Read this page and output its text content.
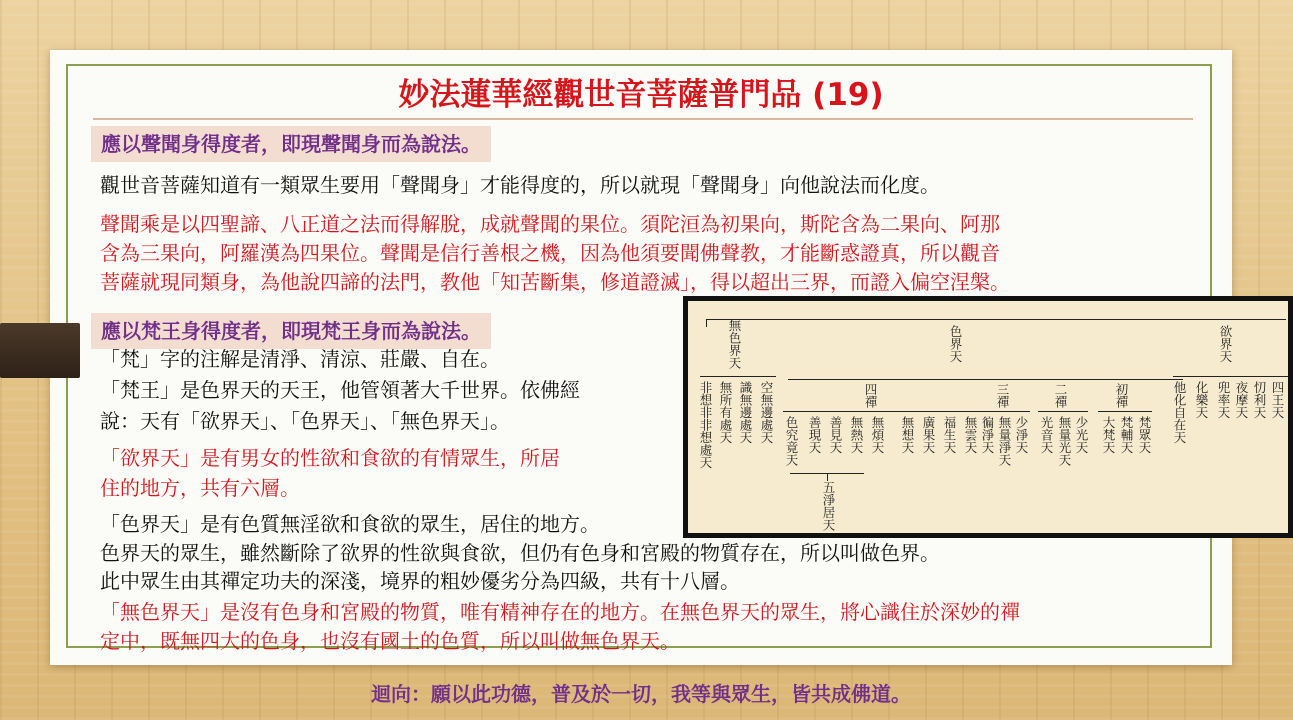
妙法蓮華經觀世音菩薩普門品 (19)
應以聲聞身得度者，即現聲聞身而為說法。
觀世音菩薩知道有一類眾生要用「聲聞身」才能得度的，所以就現「聲聞身」向他說法而化度。
聲聞乘是以四聖諦、八正道之法而得解脫，成就聲聞的果位。須陀洹為初果向，斯陀含為二果向、阿那
含為三果向，阿羅漢為四果位。聲聞是信行善根之機，因為他須要聞佛聲教，才能斷惑證真，所以觀音
菩薩就現同類身，為他說四諦的法門，教他「知苦斷集，修道證滅」，得以超出三界，而證入偏空涅槃。
應以梵王身得度者，即現梵王身而為說法。
「梵」字的注解是清淨、清涼、莊嚴、自在。
「梵王」是色界天的天王，他管領著大千世界。依佛經
說：天有「欲界天」、「色界天」、「無色界天」。
「欲界天」是有男女的性欲和食欲的有情眾生，所居
住的地方，共有六層。
「色界天」是有色質無淫欲和食欲的眾生，居住的地方。
色界天的眾生，雖然斷除了欲界的性欲與食欲，但仍有色身和宮殿的物質存在，所以叫做色界。
此中眾生由其禪定功夫的深淺，境界的粗妙優劣分為四級，共有十八層。
「無色界天」是沒有色身和宮殿的物質，唯有精神存在的地方。在無色界天的眾生，將心識住於深妙的禪
定中，既無四大的色身，也沒有國土的色質，所以叫做無色界天。
無色界天
空無邊處天
識無邊處天
無所有處天
非想非非想處天
色界天
四禪
無雲天
福生天
廣果天
無想天
無煩天
無熱天
善見天
善現天
色究竟天
五淨居天
三禪
少淨天
無量淨天
徧淨天
二禪
少光天
無量光天
光音天
初禪
梵眾天
梵輔天
大梵天
欲界天
四王天
忉利天
夜摩天
兜率天
化樂天
他化自在天
迴向：願以此功德，普及於一切，我等與眾生，皆共成佛道。
